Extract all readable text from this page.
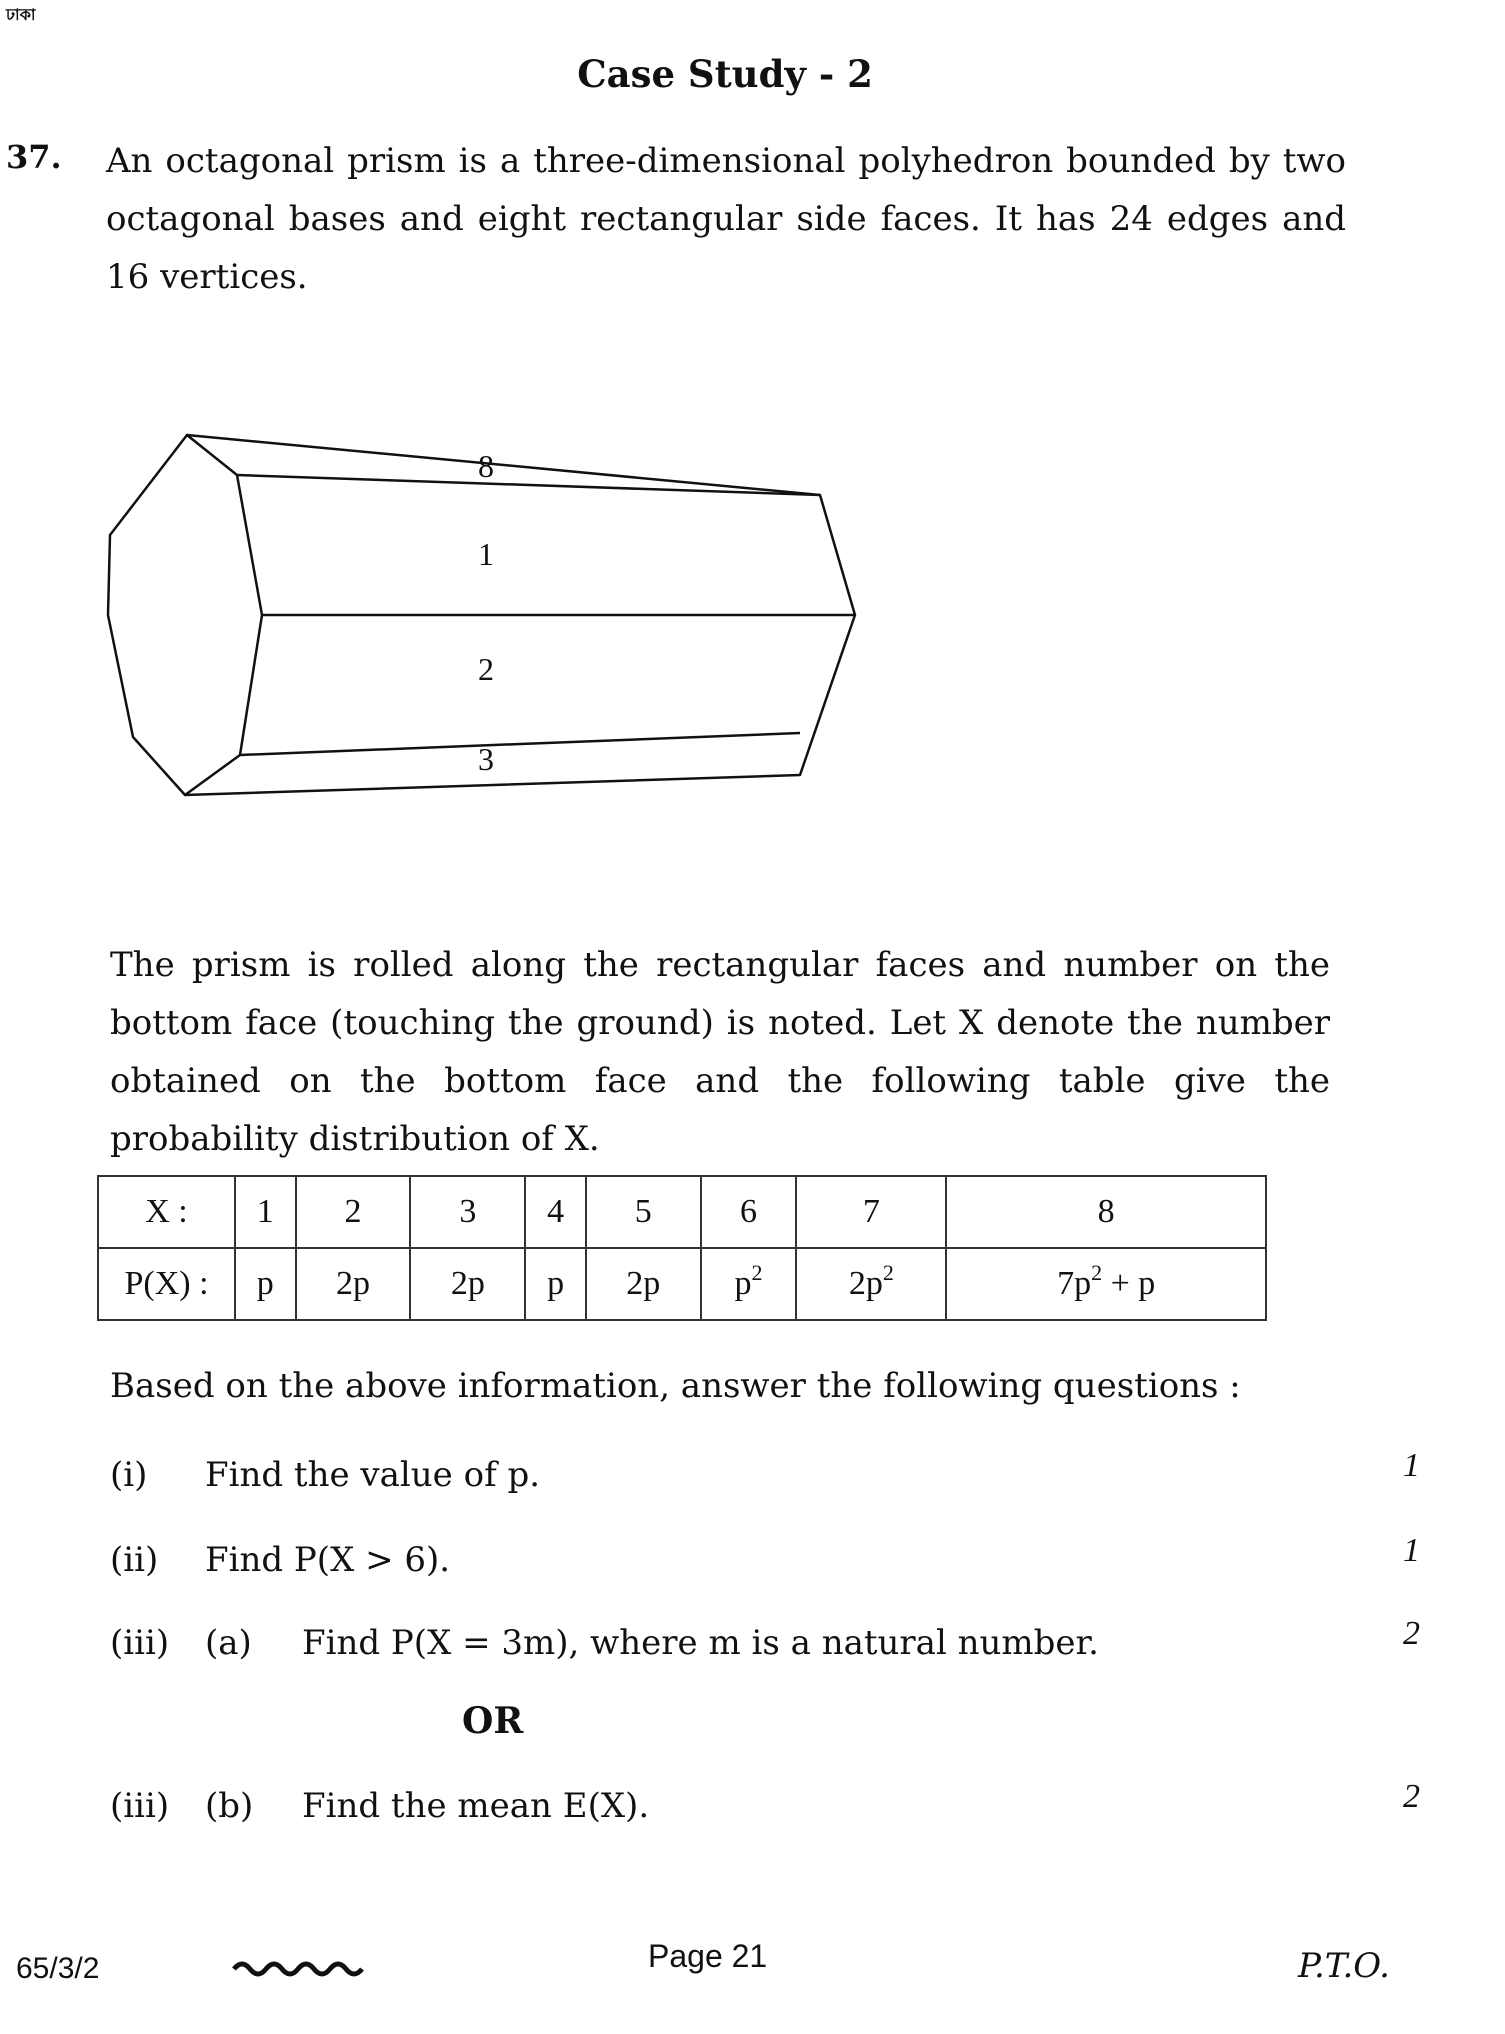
ঢাকা
Case Study - 2
37. An octagonal prism is a three-dimensional polyhedron bounded by two octagonal bases and eight rectangular side faces. It has 24 edges and 16 vertices.
8
1
2
3
The prism is rolled along the rectangular faces and number on the bottom face (touching the ground) is noted. Let X denote the number obtained on the bottom face and the following table give the probability distribution of X.
X :	1	2	3	4	5	6	7	8
P(X) :	p	2p	2p	p	2p	$p^2$	$2p^2$	$7p^2 + p$
Based on the above information, answer the following questions :
(i) Find the value of p.	1
(ii) Find P(X > 6).	1
(iii) (a) Find P(X = 3m), where m is a natural number.	2
OR
(iii) (b) Find the mean E(X).	2
65/3/2	Page 21	P.T.O.
